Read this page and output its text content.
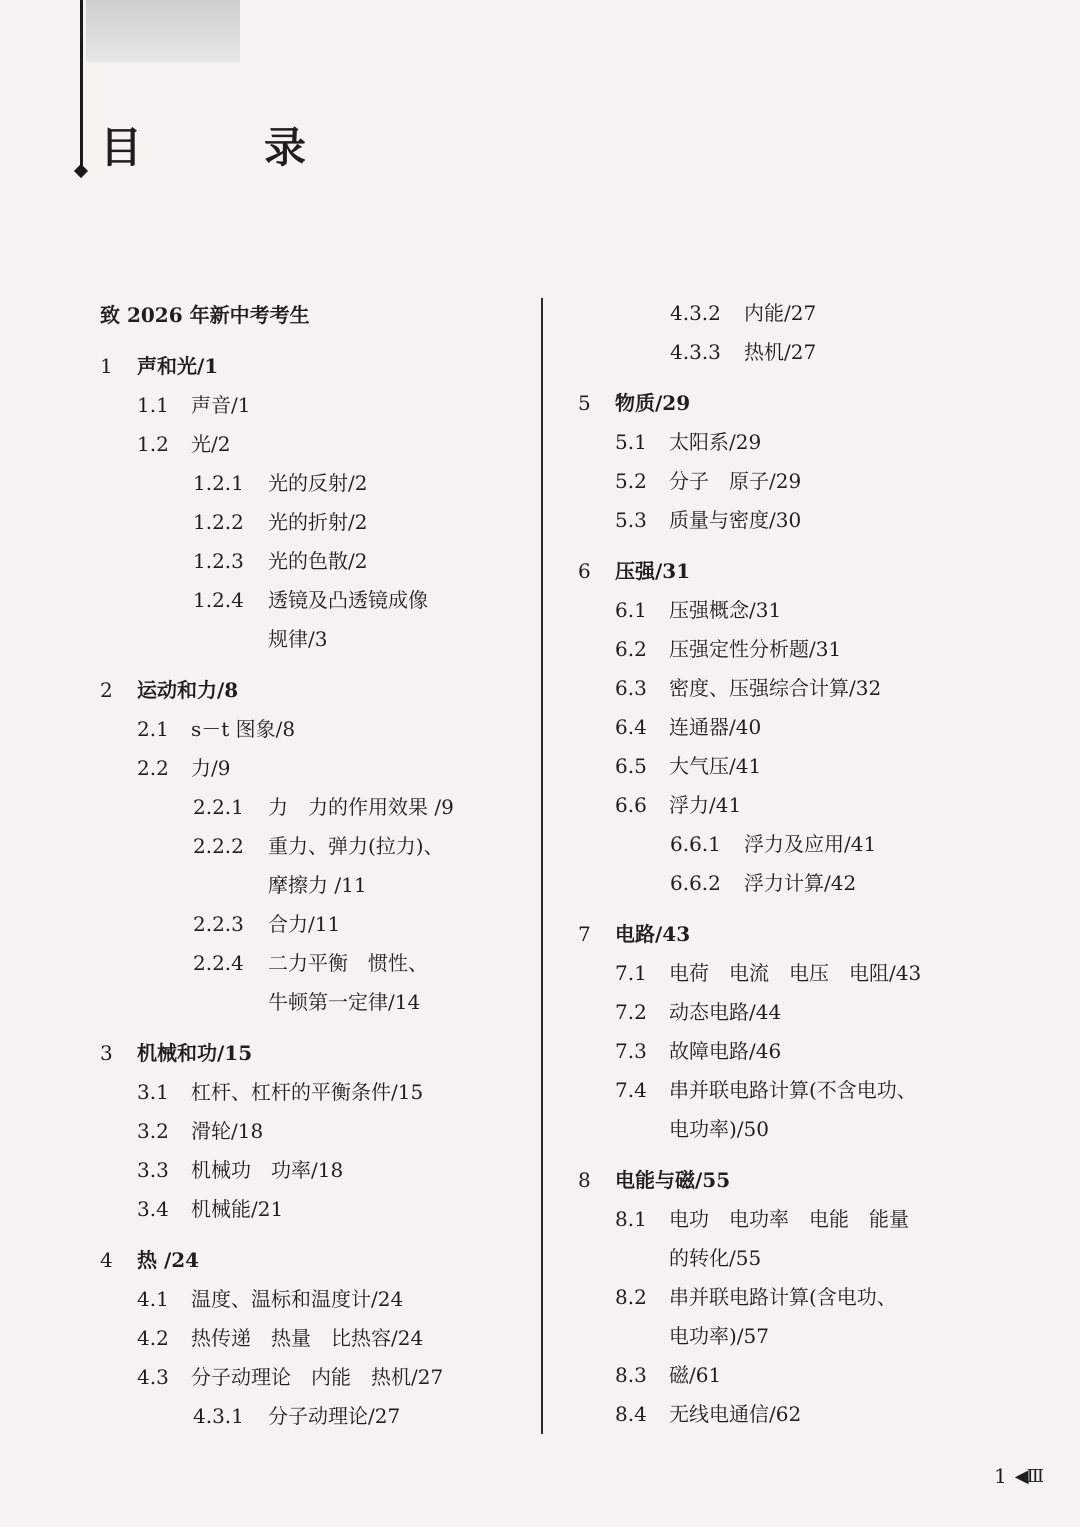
目　录
致 2026 年新中考考生
1	声和光/1
1.1	声音/1
1.2	光/2
1.2.1	光的反射/2
1.2.2	光的折射/2
1.2.3	光的色散/2
1.2.4	透镜及凸透镜成像
规律/3
2	运动和力/8
2.1	s－t 图象/8
2.2	力/9
2.2.1	力　力的作用效果 /9
2.2.2	重力、弹力(拉力)、
摩擦力 /11
2.2.3	合力/11
2.2.4	二力平衡　惯性、
牛顿第一定律/14
3	机械和功/15
3.1	杠杆、杠杆的平衡条件/15
3.2	滑轮/18
3.3	机械功　功率/18
3.4	机械能/21
4	热 /24
4.1	温度、温标和温度计/24
4.2	热传递　热量　比热容/24
4.3	分子动理论　内能　热机/27
4.3.1	分子动理论/27
4.3.2	内能/27
4.3.3	热机/27
5	物质/29
5.1	太阳系/29
5.2	分子　原子/29
5.3	质量与密度/30
6	压强/31
6.1	压强概念/31
6.2	压强定性分析题/31
6.3	密度、压强综合计算/32
6.4	连通器/40
6.5	大气压/41
6.6	浮力/41
6.6.1	浮力及应用/41
6.6.2	浮力计算/42
7	电路/43
7.1	电荷　电流　电压　电阻/43
7.2	动态电路/44
7.3	故障电路/46
7.4	串并联电路计算(不含电功、
电功率)/50
8	电能与磁/55
8.1	电功　电功率　电能　能量
的转化/55
8.2	串并联电路计算(含电功、
电功率)/57
8.3	磁/61
8.4	无线电通信/62
1 ◀Ⅲ
